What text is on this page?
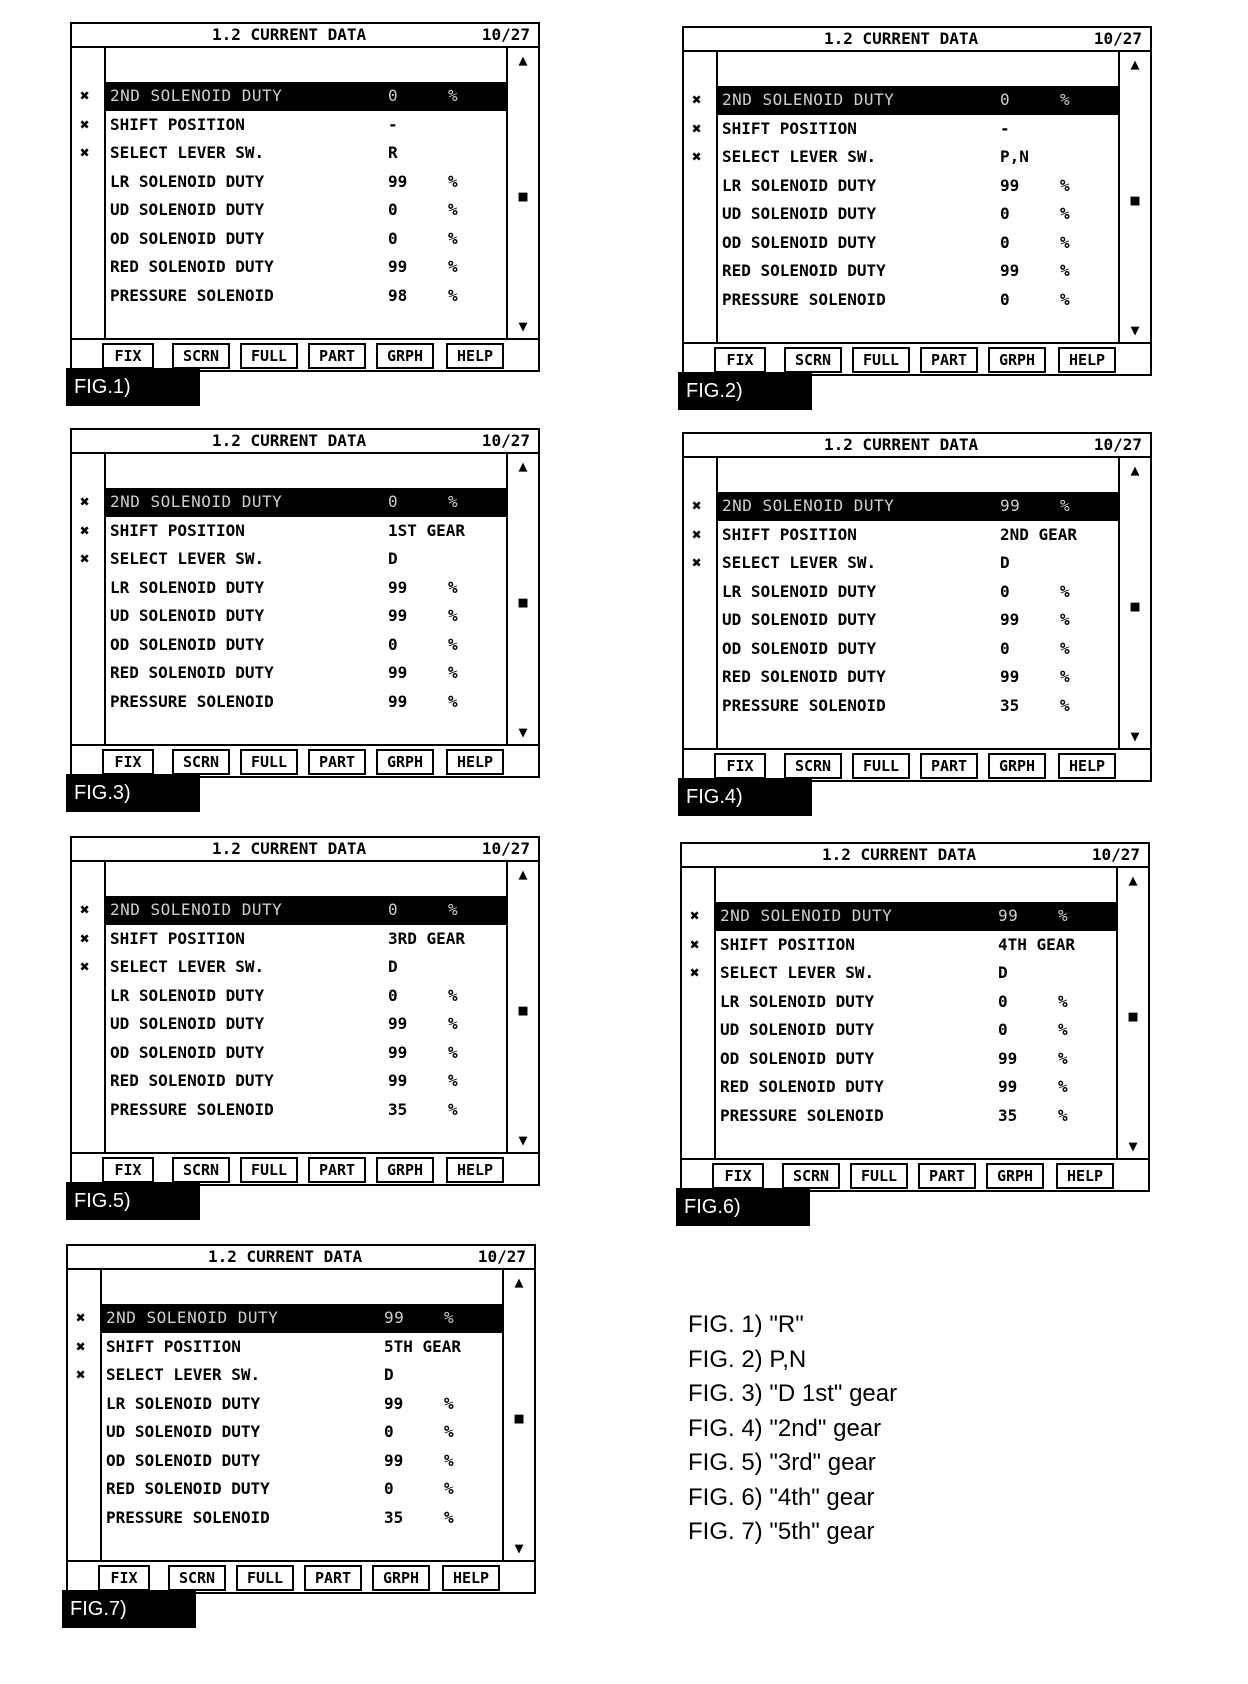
1.2 CURRENT DATA	10/27
▲
■
▼
✖ 2ND SOLENOID DUTY	0	%
✖ SHIFT POSITION	-
✖ SELECT LEVER SW.	R
LR SOLENOID DUTY	99	%
UD SOLENOID DUTY	0	%
OD SOLENOID DUTY	0	%
RED SOLENOID DUTY	99	%
PRESSURE SOLENOID	98	%
FIX	SCRN	FULL	PART	GRPH	HELP
FIG.1)
1.2 CURRENT DATA	10/27
▲
■
▼
✖ 2ND SOLENOID DUTY	0	%
✖ SHIFT POSITION	-
✖ SELECT LEVER SW.	P,N
LR SOLENOID DUTY	99	%
UD SOLENOID DUTY	0	%
OD SOLENOID DUTY	0	%
RED SOLENOID DUTY	99	%
PRESSURE SOLENOID	0	%
FIX	SCRN	FULL	PART	GRPH	HELP
FIG.2)
1.2 CURRENT DATA	10/27
▲
■
▼
✖ 2ND SOLENOID DUTY	0	%
✖ SHIFT POSITION	1ST GEAR
✖ SELECT LEVER SW.	D
LR SOLENOID DUTY	99	%
UD SOLENOID DUTY	99	%
OD SOLENOID DUTY	0	%
RED SOLENOID DUTY	99	%
PRESSURE SOLENOID	99	%
FIX	SCRN	FULL	PART	GRPH	HELP
FIG.3)
1.2 CURRENT DATA	10/27
▲
■
▼
✖ 2ND SOLENOID DUTY	99 %
✖ SHIFT POSITION	2ND GEAR
✖ SELECT LEVER SW.	D
LR SOLENOID DUTY	0	%
UD SOLENOID DUTY	99	%
OD SOLENOID DUTY	0	%
RED SOLENOID DUTY	99	%
PRESSURE SOLENOID	35	%
FIX	SCRN	FULL	PART	GRPH	HELP
FIG.4)
1.2 CURRENT DATA	10/27
▲
■
▼
✖ 2ND SOLENOID DUTY	0	%
✖ SHIFT POSITION	3RD GEAR
✖ SELECT LEVER SW.	D
LR SOLENOID DUTY	0	%
UD SOLENOID DUTY	99	%
OD SOLENOID DUTY	99	%
RED SOLENOID DUTY	99	%
PRESSURE SOLENOID	35	%
FIX	SCRN	FULL	PART	GRPH	HELP
FIG.5)
1.2 CURRENT DATA	10/27
▲
■
▼
✖ 2ND SOLENOID DUTY	99 %
✖ SHIFT POSITION	4TH GEAR
✖ SELECT LEVER SW.	D
LR SOLENOID DUTY	0	%
UD SOLENOID DUTY	0	%
OD SOLENOID DUTY	99	%
RED SOLENOID DUTY	99	%
PRESSURE SOLENOID	35	%
FIX	SCRN	FULL	PART	GRPH	HELP
FIG.6)
1.2 CURRENT DATA	10/27
▲
■
▼
✖ 2ND SOLENOID DUTY	99 %
✖ SHIFT POSITION	5TH GEAR
✖ SELECT LEVER SW.	D
LR SOLENOID DUTY	99	%
UD SOLENOID DUTY	0	%
OD SOLENOID DUTY	99	%
RED SOLENOID DUTY	0	%
PRESSURE SOLENOID	35	%
FIX	SCRN	FULL	PART	GRPH	HELP
FIG.7)
FIG. 1) "R"
FIG. 2) P,N
FIG. 3) "D 1st" gear
FIG. 4) "2nd" gear
FIG. 5) "3rd" gear
FIG. 6) "4th" gear
FIG. 7) "5th" gear
